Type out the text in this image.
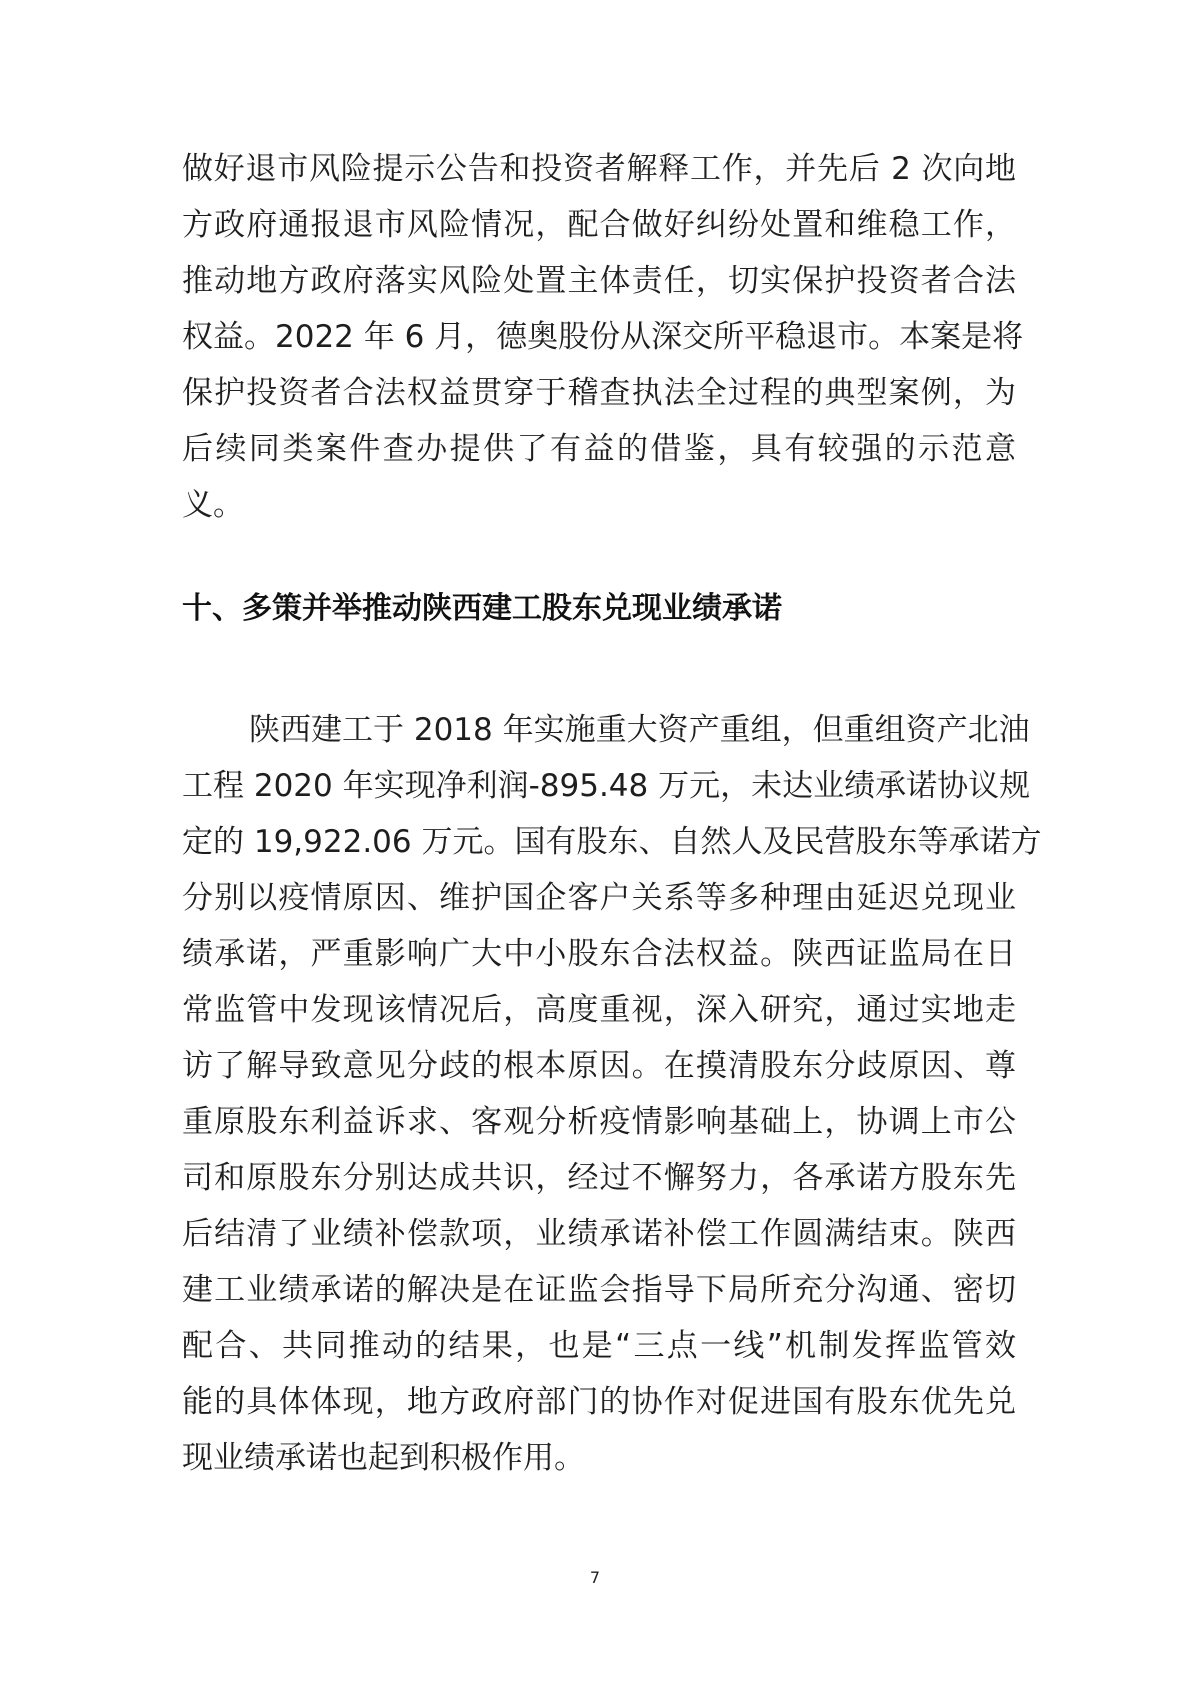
做好退市风险提示公告和投资者解释工作，并先后 2 次向地

方政府通报退市风险情况，配合做好纠纷处置和维稳工作，

推动地方政府落实风险处置主体责任，切实保护投资者合法

权益。2022 年 6 月，德奥股份从深交所平稳退市。本案是将

保护投资者合法权益贯穿于稽查执法全过程的典型案例，为

后续同类案件查办提供了有益的借鉴，具有较强的示范意

义。

十、多策并举推动陕西建工股东兑现业绩承诺

陕西建工于 2018 年实施重大资产重组，但重组资产北油

工程 2020 年实现净利润-895.48 万元，未达业绩承诺协议规

定的 19,922.06 万元。国有股东、自然人及民营股东等承诺方

分别以疫情原因、维护国企客户关系等多种理由延迟兑现业

绩承诺，严重影响广大中小股东合法权益。陕西证监局在日

常监管中发现该情况后，高度重视，深入研究，通过实地走

访了解导致意见分歧的根本原因。在摸清股东分歧原因、尊

重原股东利益诉求、客观分析疫情影响基础上，协调上市公

司和原股东分别达成共识，经过不懈努力，各承诺方股东先

后结清了业绩补偿款项，业绩承诺补偿工作圆满结束。陕西

建工业绩承诺的解决是在证监会指导下局所充分沟通、密切

配合、共同推动的结果，也是“三点一线”机制发挥监管效

能的具体体现，地方政府部门的协作对促进国有股东优先兑

现业绩承诺也起到积极作用。

7
